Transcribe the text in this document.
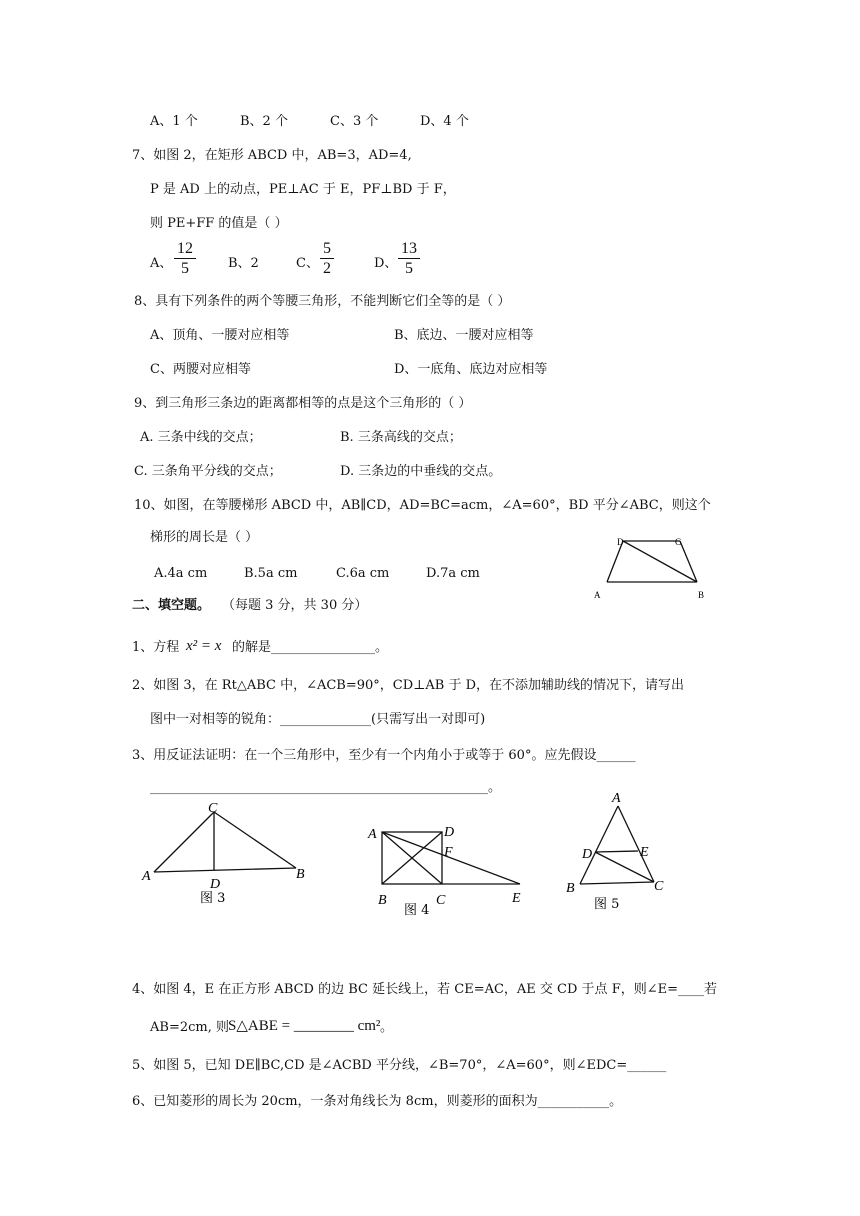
A、1 个	B、2 个	C、3 个	D、4 个
7、如图 2，在矩形 ABCD 中，AB=3，AD=4,
P 是 AD 上的动点，PE⊥AC 于 E，PF⊥BD 于 F，
则 PE+FF 的值是（ ）
A、
12
5	B、2	C、
5
2	D、
13
5
8、具有下列条件的两个等腰三角形，不能判断它们全等的是（ ）
A、顶角、一腰对应相等	B、底边、一腰对应相等
C、两腰对应相等	D、一底角、底边对应相等
9、到三角形三条边的距离都相等的点是这个三角形的（ ）
A. 三条中线的交点；	B. 三条高线的交点；
C. 三条角平分线的交点；	D. 三条边的中垂线的交点。
10、如图，在等腰梯形 ABCD 中，AB∥CD，AD=BC=acm，∠A=60°，BD 平分∠ABC，则这个
梯形的周长是（ ）
A.4a cm	B.5a cm	C.6a cm	D.7a cm
D	C
A	B
二、填空题。 （每题 3 分，共 30 分）
1、方程 x² = x 的解是________________。
2、如图 3，在 Rt△ABC 中，∠ACB=90°，CD⊥AB 于 D，在不添加辅助线的情况下，请写出
图中一对相等的锐角：______________(只需写出一对即可)
3、用反证法证明：在一个三角形中，至少有一个内角小于或等于 60°。应先假设______
____________________________________________________。
C
A	B
D
图 3
A	D
F
B	C	E
图 4
A
D	E
B	C
图 5
4、如图 4，E 在正方形 ABCD 的边 BC 延长线上，若 CE=AC，AE 交 CD 于点 F，则∠E=____若
AB=2cm, 则 S△ABE = ________ cm² 。
5、如图 5，已知 DE∥BC,CD 是∠ACBD 平分线，∠B=70°，∠A=60°，则∠EDC=______
6、已知菱形的周长为 20cm，一条对角线长为 8cm，则菱形的面积为___________。
